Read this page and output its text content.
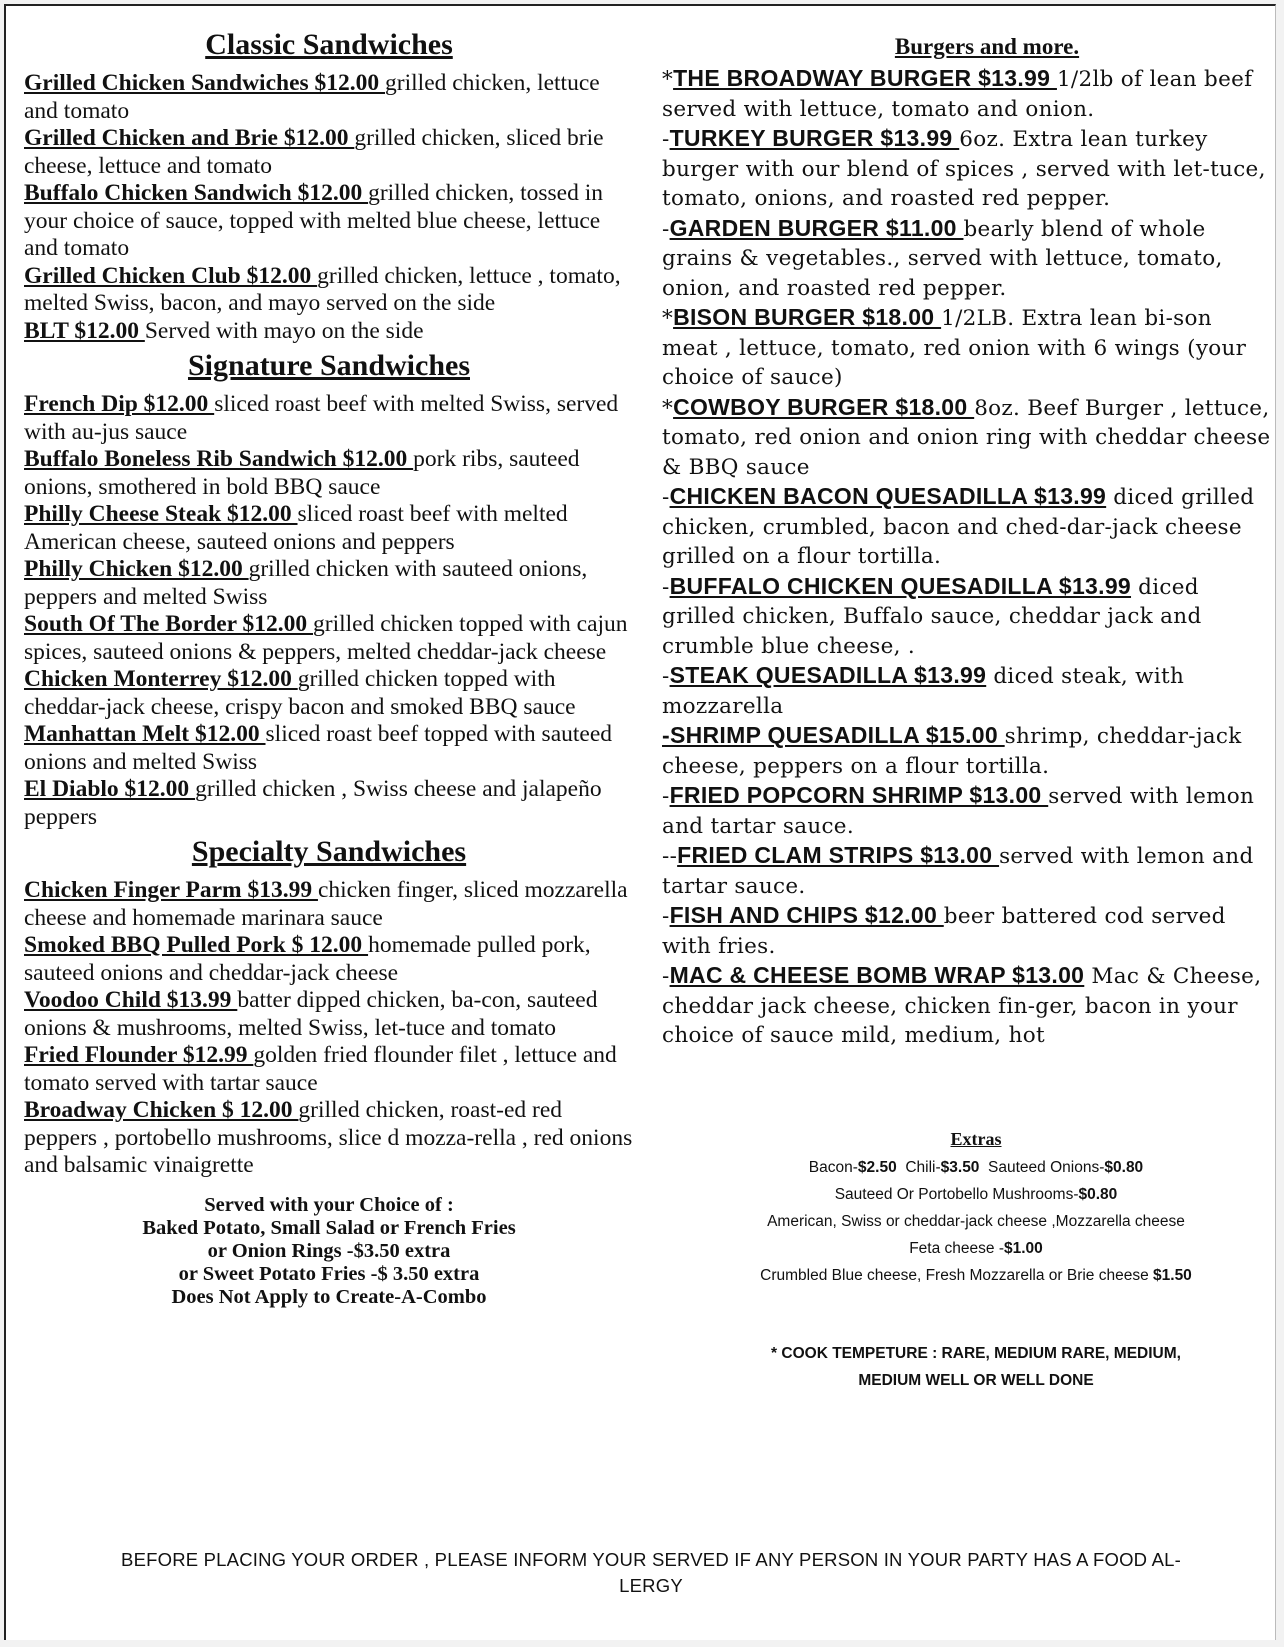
Classic Sandwiches

Grilled Chicken Sandwiches $12.00 grilled chicken, lettuce and tomato

Grilled Chicken and Brie $12.00 grilled chicken, sliced brie cheese, lettuce and tomato

Buffalo Chicken Sandwich $12.00 grilled chicken, tossed in your choice of sauce, topped with melted blue cheese, lettuce and tomato

Grilled Chicken Club $12.00 grilled chicken, lettuce , tomato, melted Swiss, bacon, and mayo served on the side

BLT $12.00 Served with mayo on the side

Signature Sandwiches

French Dip $12.00 sliced roast beef with melted Swiss, served with au-jus sauce

Buffalo Boneless Rib Sandwich $12.00 pork ribs, sauteed onions, smothered in bold BBQ sauce

Philly Cheese Steak $12.00 sliced roast beef with melted American cheese, sauteed onions and peppers

Philly Chicken $12.00 grilled chicken with sauteed onions, peppers and melted Swiss

South Of The Border $12.00 grilled chicken topped with cajun spices, sauteed onions & peppers, melted cheddar-jack cheese

Chicken Monterrey $12.00 grilled chicken topped with cheddar-jack cheese, crispy bacon and smoked BBQ sauce

Manhattan Melt $12.00 sliced roast beef topped with sauteed onions and melted Swiss

El Diablo $12.00 grilled chicken , Swiss cheese and jalapeño peppers

Specialty Sandwiches

Chicken Finger Parm $13.99 chicken finger, sliced mozzarella cheese and homemade marinara sauce

Smoked BBQ Pulled Pork $ 12.00 homemade pulled pork, sauteed onions and cheddar-jack cheese

Voodoo Child $13.99 batter dipped chicken, ba-con, sauteed onions & mushrooms, melted Swiss, let-tuce and tomato

Fried Flounder $12.99 golden fried flounder filet , lettuce and tomato served with tartar sauce

Broadway Chicken $ 12.00 grilled chicken, roast-ed red peppers , portobello mushrooms, slice d mozza-rella , red onions and balsamic vinaigrette

Served with your Choice of :
Baked Potato, Small Salad or French Fries
or Onion Rings -$3.50 extra
or Sweet Potato Fries -$ 3.50 extra
Does Not Apply to Create-A-Combo
Burgers and more.

*THE BROADWAY BURGER $13.99 1/2lb of lean beef served with lettuce, tomato and onion.

-TURKEY BURGER $13.99 6oz. Extra lean turkey burger with our blend of spices , served with let-tuce, tomato, onions, and roasted red pepper.

-GARDEN BURGER $11.00 bearly blend of whole grains & vegetables., served with lettuce, tomato, onion, and roasted red pepper.

*BISON BURGER $18.00 1/2LB. Extra lean bi-son meat , lettuce, tomato, red onion with 6 wings (your choice of sauce)

*COWBOY BURGER $18.00 8oz. Beef Burger , lettuce, tomato, red onion and onion ring with cheddar cheese & BBQ sauce

-CHICKEN BACON QUESADILLA $13.99 diced grilled chicken, crumbled, bacon and ched-dar-jack cheese grilled on a flour tortilla.

-BUFFALO CHICKEN QUESADILLA $13.99 diced grilled chicken, Buffalo sauce, cheddar jack and crumble blue cheese, .

-STEAK QUESADILLA $13.99 diced steak, with mozzarella

-SHRIMP QUESADILLA $15.00 shrimp, cheddar-jack cheese, peppers on a flour tortilla.

-FRIED POPCORN SHRIMP $13.00 served with lemon and tartar sauce.

--FRIED CLAM STRIPS $13.00 served with lemon and tartar sauce.

-FISH AND CHIPS $12.00 beer battered cod served with fries.

-MAC & CHEESE BOMB WRAP $13.00 Mac & Cheese, cheddar jack cheese, chicken fin-ger, bacon in your choice of sauce mild, medium, hot

Extras
Bacon-$2.50  Chili-$3.50  Sauteed Onions-$0.80
Sauteed Or Portobello Mushrooms-$0.80
American, Swiss or cheddar-jack cheese ,Mozzarella cheese
Feta cheese -$1.00
Crumbled Blue cheese, Fresh Mozzarella or Brie cheese $1.50
* COOK TEMPETURE : RARE, MEDIUM RARE, MEDIUM,
MEDIUM WELL OR WELL DONE
BEFORE PLACING YOUR ORDER , PLEASE INFORM YOUR SERVED IF ANY PERSON IN YOUR PARTY HAS A FOOD AL-
LERGY
